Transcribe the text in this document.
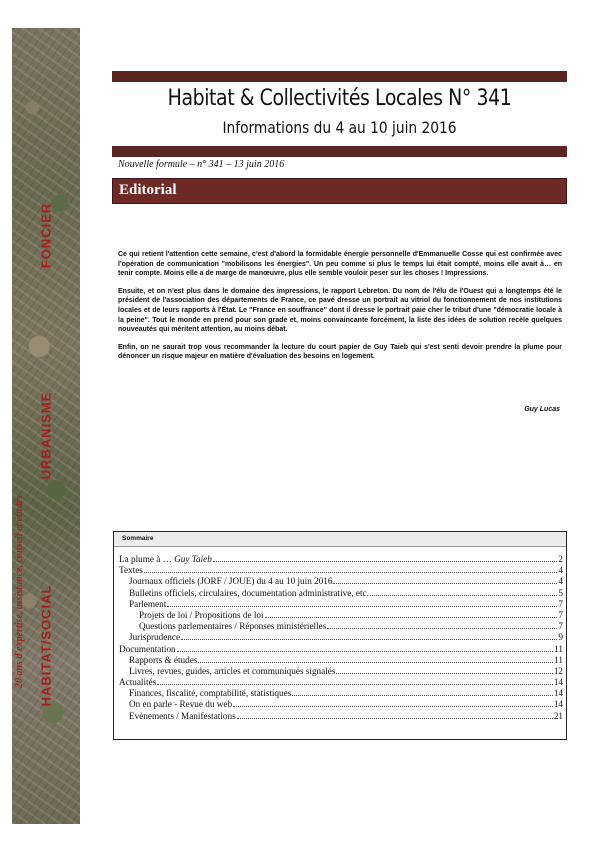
FONCIER
URBANISME
HABITAT/SOCIAL
20 ans d'expertise, assistance, conseil et études
Habitat & Collectivités Locales N° 341
Informations du 4 au 10 juin 2016
Nouvelle formule – n° 341 – 13 juin 2016
Editorial

Ce qui retient l'attention cette semaine, c'est d'abord la formidable énergie personnelle d'Emmanuelle Cosse qui est confirmée avec l'opération de communication "mobilisons les énergies". Un peu comme si plus le temps lui était compté, moins elle avait à… en tenir compte. Moins elle a de marge de manœuvre, plus elle semble vouloir peser sur les choses ! Impressions.

Ensuite, et on n'est plus dans le domaine des impressions, le rapport Lebreton. Du nom de l'élu de l'Ouest qui a longtemps été le président de l'association des départements de France, ce pavé dresse un portrait au vitriol du fonctionnement de nos institutions locales et de leurs rapports à l'État. Le "France en souffrance" dont il dresse le portrait paie cher le tribut d'une "démocratie locale à la peine". Tout le monde en prend pour son grade et, moins convaincante forcément, la liste des idées de solution recèle quelques nouveautés qui méritent attention, au moins débat.

Enfin, on ne saurait trop vous recommander la lecture du court papier de Guy Taieb qui s'est senti devoir prendre la plume pour dénoncer un risque majeur en matière d'évaluation des besoins en logement.

Guy Lucas
Sommaire
La plume à … Guy Taieb	2
Textes	4
Journaux officiels (JORF / JOUE) du 4 au 10 juin 2016	4
Bulletins officiels, circulaires, documentation administrative, etc.	5
Parlement	7
Projets de loi / Propositions de loi	7
Questions parlementaires / Réponses ministérielles	7
Jurisprudence	9
Documentation	11
Rapports & études	11
Livres, revues, guides, articles et communiqués signalés	12
Actualités	14
Finances, fiscalité, comptabilité, statistiques	14
On en parle - Revue du web	14
Evènements / Manifestations	21
